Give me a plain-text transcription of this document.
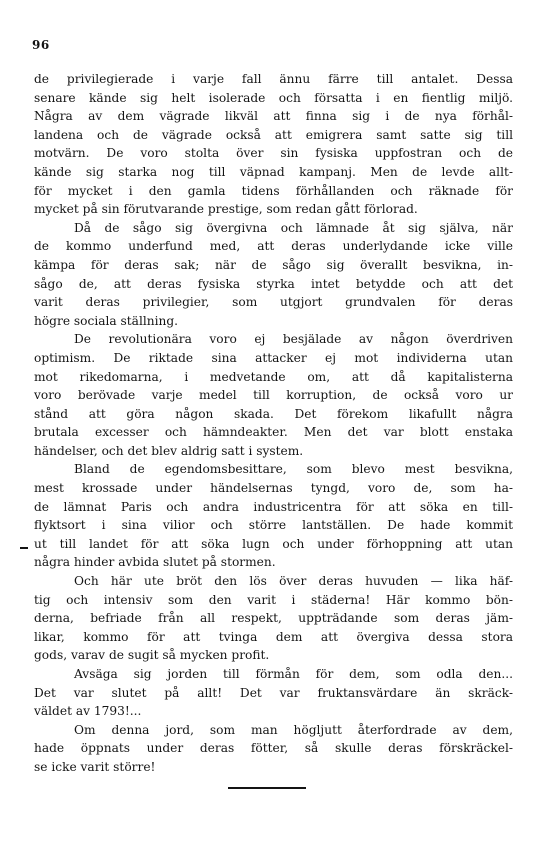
96
de privilegierade i varje fall ännu färre till antalet. Dessa
senare kände sig helt isolerade och försatta i en fientlig miljö.
Några av dem vägrade likväl att finna sig i de nya förhål-
landena och de vägrade också att emigrera samt satte sig till
motvärn. De voro stolta över sin fysiska uppfostran och de
kände sig starka nog till väpnad kampanj. Men de levde allt-
för mycket i den gamla tidens förhållanden och räknade för
mycket på sin förutvarande prestige, som redan gått förlorad.
Då de sågo sig övergivna och lämnade åt sig själva, när
de kommo underfund med, att deras underlydande icke ville
kämpa för deras sak; när de sågo sig överallt besvikna, in-
sågo de, att deras fysiska styrka intet betydde och att det
varit deras privilegier, som utgjort grundvalen för deras
högre sociala ställning.
De revolutionära voro ej besjälade av någon överdriven
optimism. De riktade sina attacker ej mot individerna utan
mot rikedomarna, i medvetande om, att då kapitalisterna
voro berövade varje medel till korruption, de också voro ur
stånd att göra någon skada. Det förekom likafullt några
brutala excesser och hämndeakter. Men det var blott enstaka
händelser, och det blev aldrig satt i system.
Bland de egendomsbesittare, som blevo mest besvikna,
mest krossade under händelsernas tyngd, voro de, som ha-
de lämnat Paris och andra industricentra för att söka en till-
flyktsort i sina vilior och större lantställen. De hade kommit
ut till landet för att söka lugn och under förhoppning att utan
några hinder avbida slutet på stormen.
Och här ute bröt den lös över deras huvuden — lika häf-
tig och intensiv som den varit i städerna! Här kommo bön-
derna, befriade från all respekt, uppträdande som deras jäm-
likar, kommo för att tvinga dem att övergiva dessa stora
gods, varav de sugit så mycken profit.
Avsäga sig jorden till förmån för dem, som odla den...
Det var slutet på allt! Det var fruktansvärdare än skräck-
väldet av 1793!...
Om denna jord, som man högljutt återfordrade av dem,
hade öppnats under deras fötter, så skulle deras förskräckel-
se icke varit större!
